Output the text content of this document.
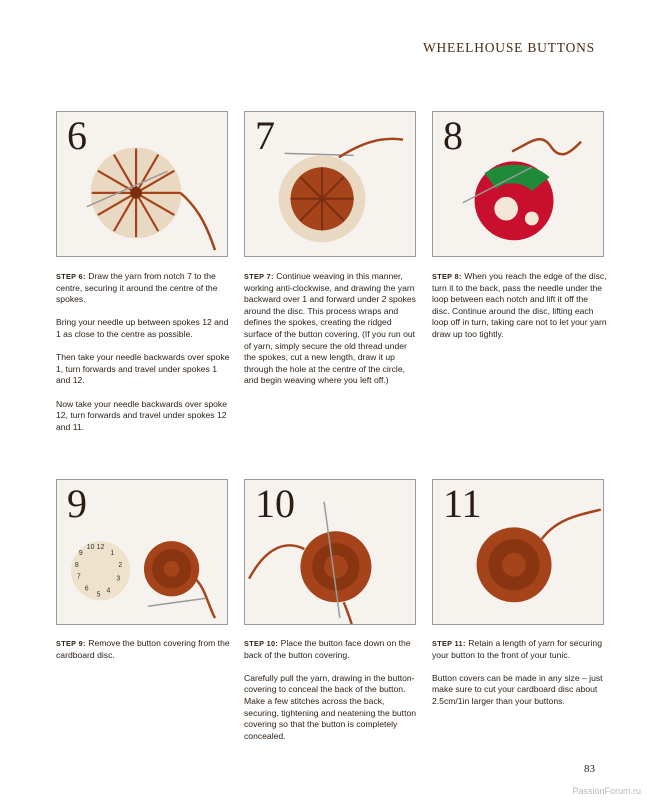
WHEELHOUSE BUTTONS
6	7	8

STEP 6: Draw the yarn from notch 7 to the centre, securing it around the centre of the spokes.

Bring your needle up between spokes 12 and 1 as close to the centre as possible.

Then take your needle backwards over spoke 1, turn forwards and travel under spokes 1 and 12.

Now take your needle backwards over spoke 12, turn forwards and travel under spokes 12 and 11.

STEP 7: Continue weaving in this manner, working anti-clockwise, and drawing the yarn backward over 1 and forward under 2 spokes around the disc. This process wraps and defines the spokes, creating the ridged surface of the button covering. (If you run out of yarn, simply secure the old thread under the spokes, cut a new length, draw it up through the hole at the centre of the circle, and begin weaving where you left off.)

STEP 8: When you reach the edge of the disc, turn it to the back, pass the needle under the loop between each notch and lift it off the disc. Continue around the disc, lifting each loop off in turn, taking care not to let your yarn draw up too tightly.

12
1
2
3
4
5
6
7
8
9
10
9	10	11

STEP 9: Remove the button covering from the cardboard disc.

STEP 10: Place the button face down on the back of the button covering.

Carefully pull the yarn, drawing in the button-covering to conceal the back of the button. Make a few stitches across the back, securing, tightening and neatening the button covering so that the button is completely concealed.

STEP 11: Retain a length of yarn for securing your button to the front of your tunic.

Button covers can be made in any size – just make sure to cut your cardboard disc about 2.5cm/1in larger than your buttons.

83
PassionForum.ru
